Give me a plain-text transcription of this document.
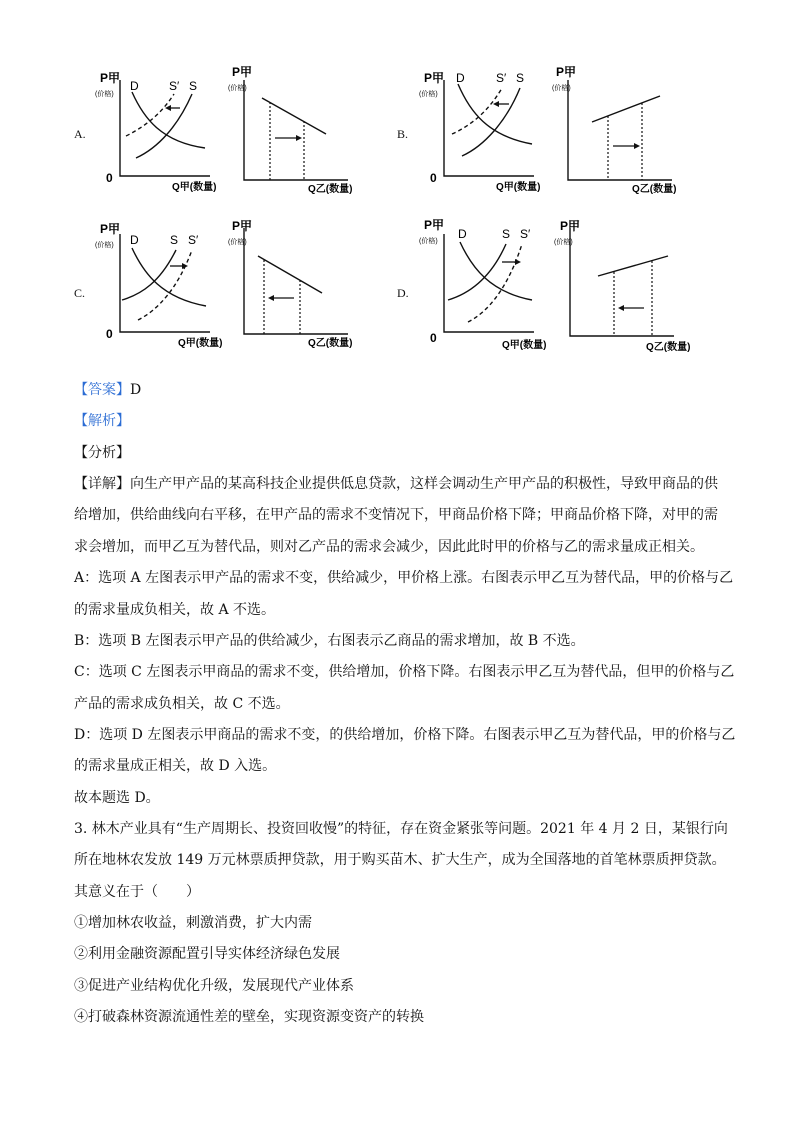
A.	B.
C.	D.
P甲
(价格)
0
Q甲(数量)
D	S′ S
P甲
(价格)
Q乙(数量)
P甲
(价格)
0
Q甲(数量)
D	S′ S	P甲
(价格)
Q乙(数量)
P甲
(价格)
0
Q甲(数量)
D	S S′
P甲
(价格)
Q乙(数量)
P甲
(价格)
0
Q甲(数量)
D	S S′
P甲
(价格)
Q乙(数量)
【答案】D
【解析】
【分析】
【详解】向生产甲产品的某高科技企业提供低息贷款，这样会调动生产甲产品的积极性，导致甲商品的供
给增加，供给曲线向右平移，在甲产品的需求不变情况下，甲商品价格下降；甲商品价格下降，对甲的需
求会增加，而甲乙互为替代品，则对乙产品的需求会减少，因此此时甲的价格与乙的需求量成正相关。
A：选项 A 左图表示甲产品的需求不变，供给减少，甲价格上涨。右图表示甲乙互为替代品，甲的价格与乙
的需求量成负相关，故 A 不选。
B：选项 B 左图表示甲产品的供给减少，右图表示乙商品的需求增加，故 B 不选。
C：选项 C 左图表示甲商品的需求不变，供给增加，价格下降。右图表示甲乙互为替代品，但甲的价格与乙
产品的需求成负相关，故 C 不选。
D：选项 D 左图表示甲商品的需求不变，的供给增加，价格下降。右图表示甲乙互为替代品，甲的价格与乙
的需求量成正相关，故 D 入选。
故本题选 D。
3. 林木产业具有“生产周期长、投资回收慢”的特征，存在资金紧张等问题。2021 年 4 月 2 日，某银行向
所在地林农发放 149 万元林票质押贷款，用于购买苗木、扩大生产，成为全国落地的首笔林票质押贷款。
其意义在于（　　）
①增加林农收益，刺激消费，扩大内需
②利用金融资源配置引导实体经济绿色发展
③促进产业结构优化升级，发展现代产业体系
④打破森林资源流通性差的壁垒，实现资源变资产的转换
